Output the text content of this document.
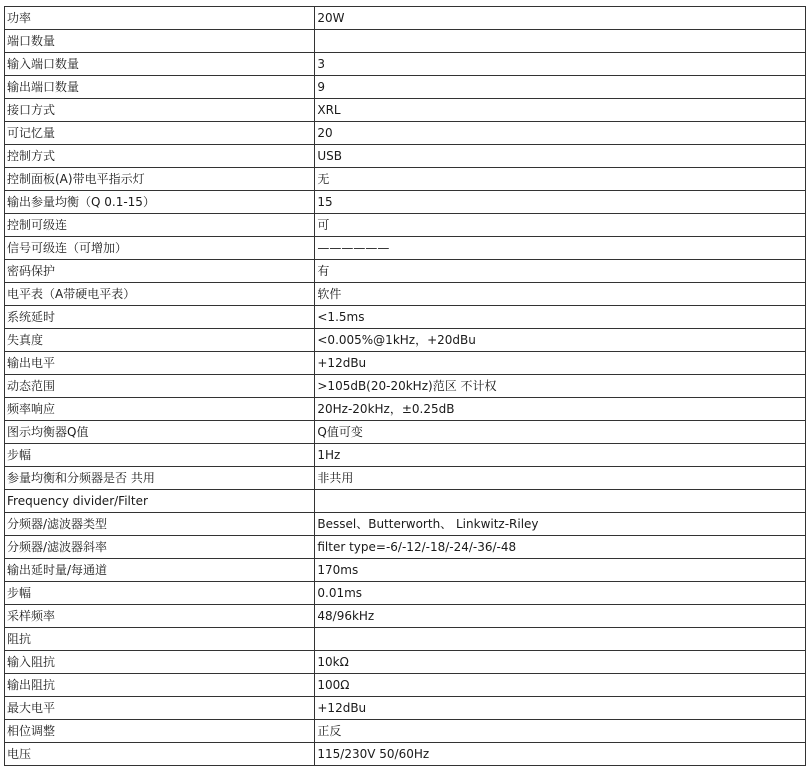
功率	20W
端口数量	
输入端口数量	3
输出端口数量	9
接口方式	XRL
可记忆量	20
控制方式	USB
控制面板(A)带电平指示灯	无
输出参量均衡（Q 0.1-15）	15
控制可级连	可
信号可级连（可增加）	——————
密码保护	有
电平表（A带硬电平表）	软件
系统延时	<1.5ms
失真度	<0.005%@1kHz，+20dBu
输出电平	+12dBu
动态范围	>105dB(20-20kHz)范区 不计权
频率响应	20Hz-20kHz，±0.25dB
图示均衡器Q值	Q值可变
步幅	1Hz
参量均衡和分频器是否 共用	非共用
Frequency divider/Filter	
分频器/滤波器类型	Bessel、Butterworth、 Linkwitz-Riley
分频器/滤波器斜率	filter type=-6/-12/-18/-24/-36/-48
输出延时量/每通道	170ms
步幅	0.01ms
采样频率	48/96kHz
阻抗	
输入阻抗	10kΩ
输出阻抗	100Ω
最大电平	+12dBu
相位调整	正反
电压	115/230V 50/60Hz
